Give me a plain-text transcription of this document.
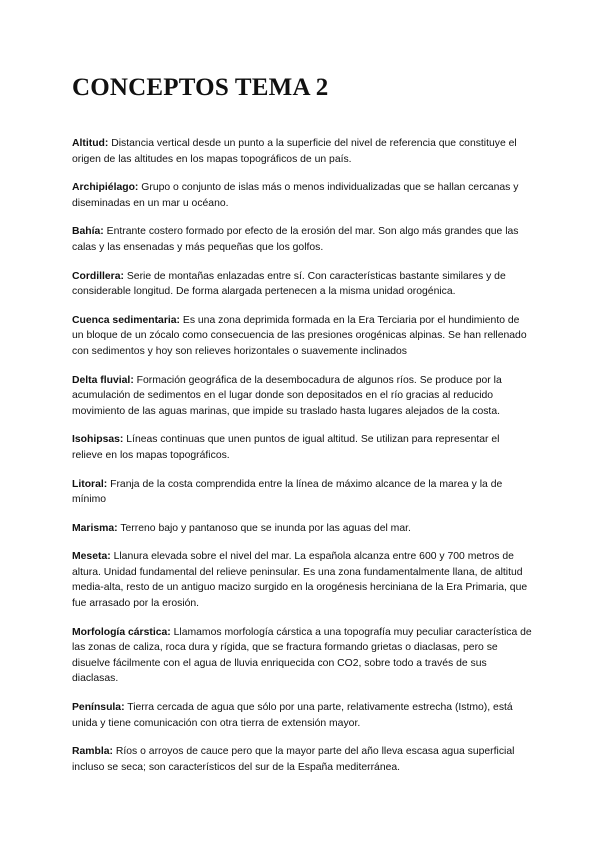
CONCEPTOS TEMA 2

Altitud: Distancia vertical desde un punto a la superficie del nivel de referencia que constituye el origen de las altitudes en los mapas topográficos de un país.

Archipiélago: Grupo o conjunto de islas más o menos individualizadas que se hallan cercanas y diseminadas en un mar u océano.

Bahía: Entrante costero formado por efecto de la erosión del mar. Son algo más grandes que las calas y las ensenadas y más pequeñas que los golfos.

Cordillera: Serie de montañas enlazadas entre sí. Con características bastante similares y de considerable longitud. De forma alargada pertenecen a la misma unidad orogénica.

Cuenca sedimentaria: Es una zona deprimida formada en la Era Terciaria por el hundimiento de un bloque de un zócalo como consecuencia de las presiones orogénicas alpinas. Se han rellenado con sedimentos y hoy son relieves horizontales o suavemente inclinados

Delta fluvial: Formación geográfica de la desembocadura de algunos ríos. Se produce por la acumulación de sedimentos en el lugar donde son depositados en el río gracias al reducido movimiento de las aguas marinas, que impide su traslado hasta lugares alejados de la costa.

Isohipsas: Líneas continuas que unen puntos de igual altitud. Se utilizan para representar el relieve en los mapas topográficos.

Litoral: Franja de la costa comprendida entre la línea de máximo alcance de la marea y la de mínimo

Marisma: Terreno bajo y pantanoso que se inunda por las aguas del mar.

Meseta: Llanura elevada sobre el nivel del mar. La española alcanza entre 600 y 700 metros de altura. Unidad fundamental del relieve peninsular. Es una zona fundamentalmente llana, de altitud media-alta, resto de un antiguo macizo surgido en la orogénesis herciniana de la Era Primaria, que fue arrasado por la erosión.

Morfología cárstica: Llamamos morfología cárstica a una topografía muy peculiar característica de las zonas de caliza, roca dura y rígida, que se fractura formando grietas o diaclasas, pero se disuelve fácilmente con el agua de lluvia enriquecida con CO2, sobre todo a través de sus diaclasas.

Península: Tierra cercada de agua que sólo por una parte, relativamente estrecha (Istmo), está unida y tiene comunicación con otra tierra de extensión mayor.

Rambla: Ríos o arroyos de cauce pero que la mayor parte del año lleva escasa agua superficial incluso se seca; son característicos del sur de la España mediterránea.
